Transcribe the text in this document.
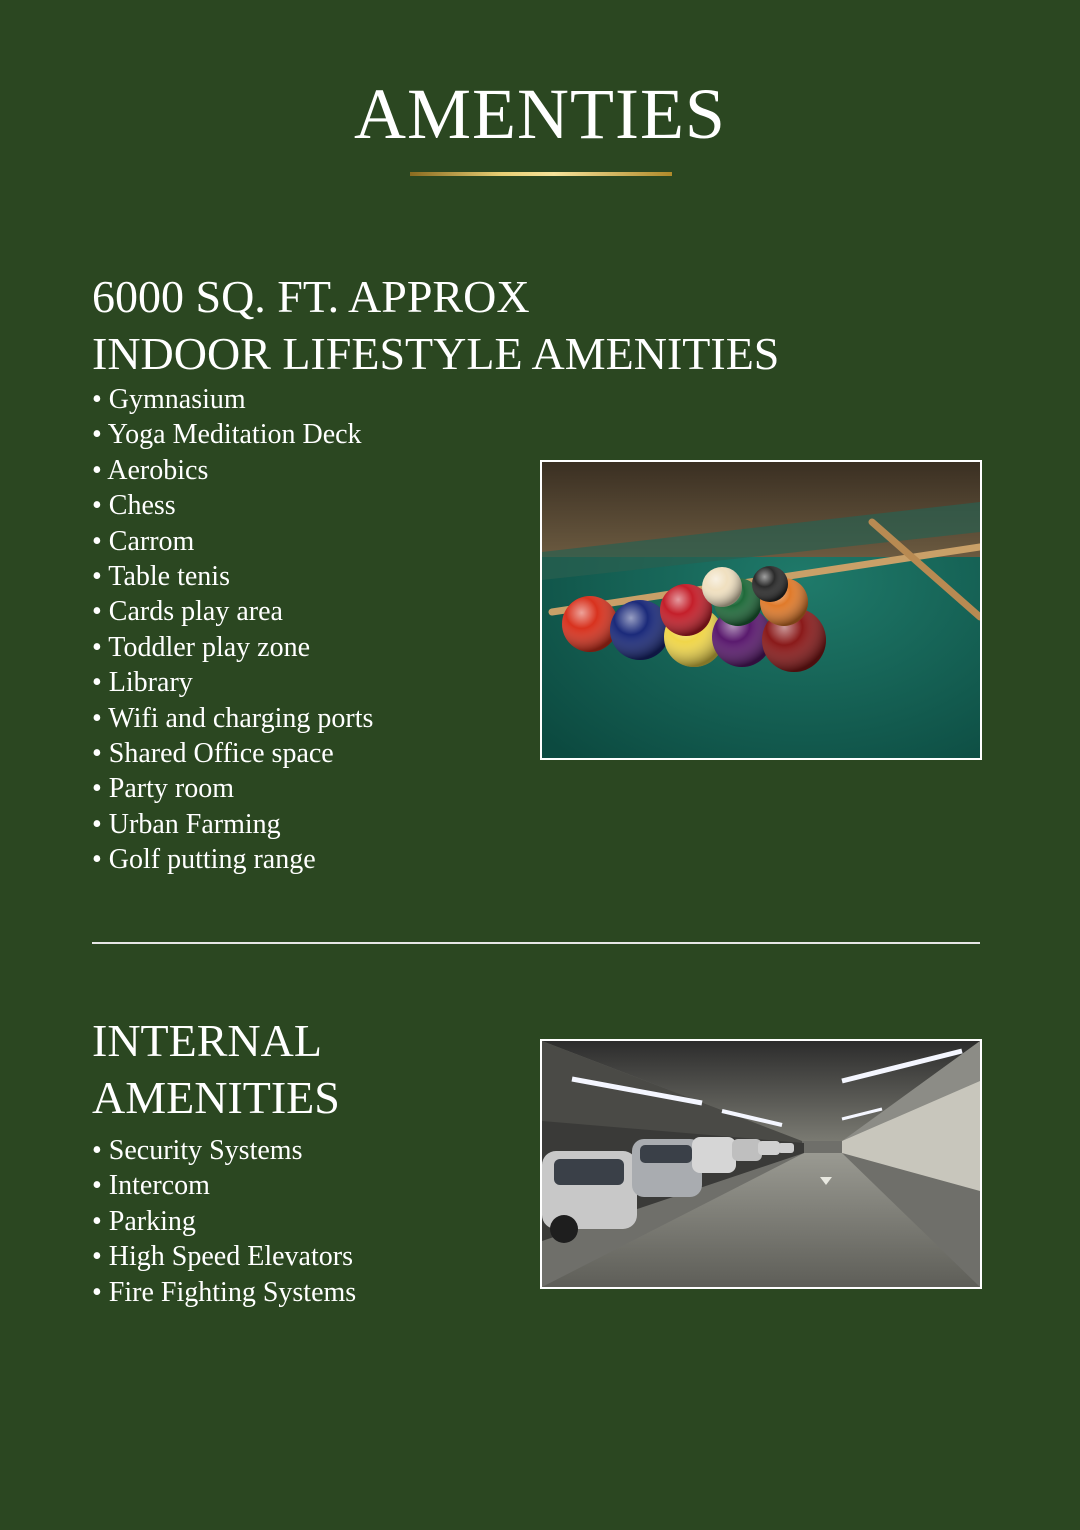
AMENTIES
6000 SQ. FT. APPROX
INDOOR LIFESTYLE AMENITIES
• Gymnasium
• Yoga Meditation Deck
• Aerobics
• Chess
• Carrom
• Table tenis
• Cards play area
• Toddler play zone
• Library
• Wifi and charging ports
• Shared Office space
• Party room
• Urban Farming
• Golf putting range
INTERNAL
AMENITIES
• Security Systems
• Intercom
• Parking
• High Speed Elevators
• Fire Fighting Systems
